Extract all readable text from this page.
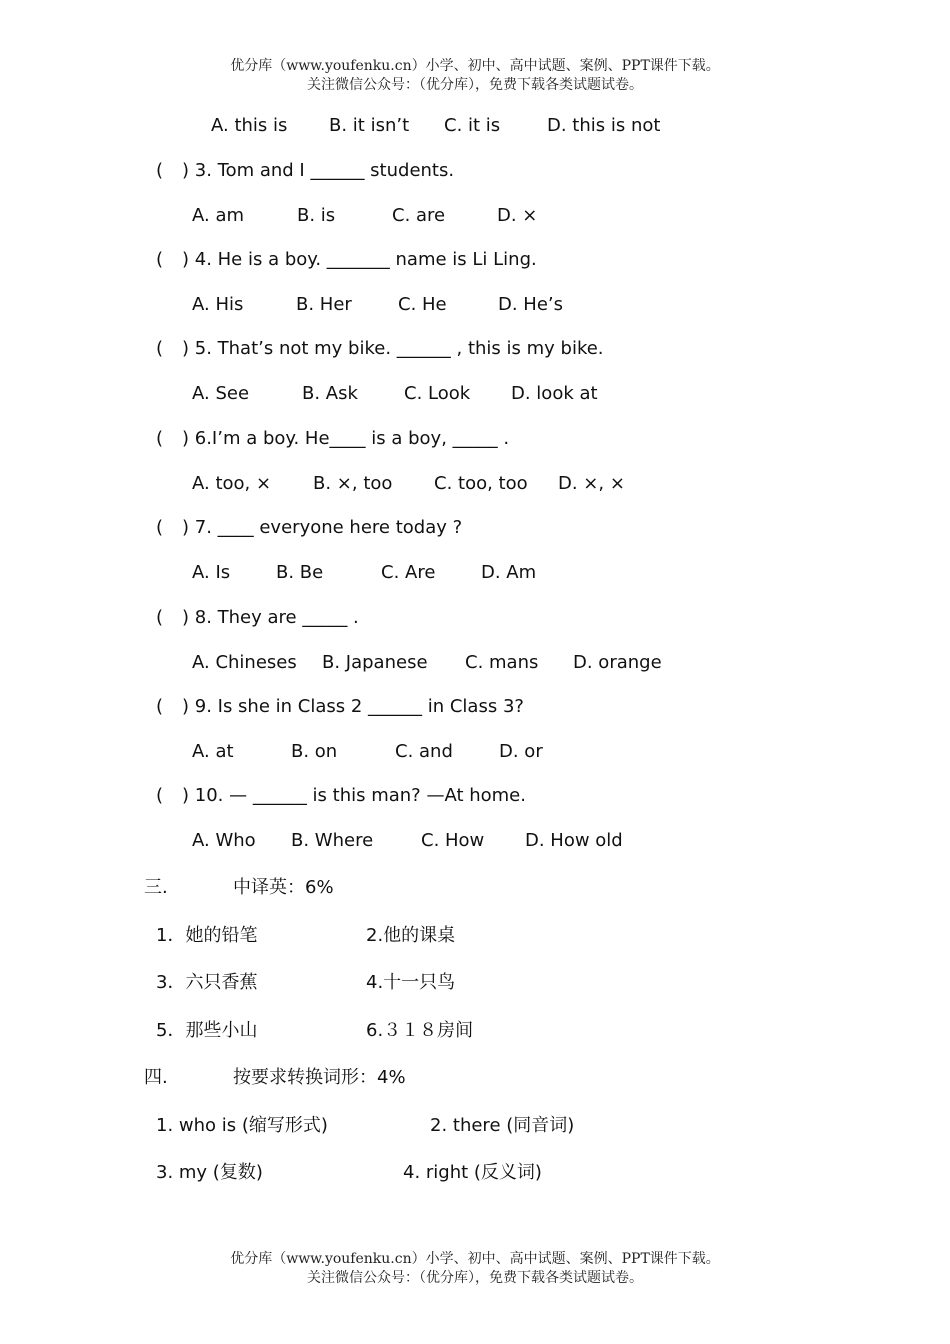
优分库（www.youfenku.cn）小学、初中、高中试题、案例、PPT课件下载。
关注微信公众号：（优分库），免费下载各类试题试卷。
A. this is B. it isn’t C. it is	D. this is not
( ) 3. Tom and I ______ students.
A. am	B. is	C. are	D. ×
( ) 4. He is a boy. _______ name is Li Ling.
A. His	B. Her	C. He	D. He’s
( ) 5. That’s not my bike. ______ , this is my bike.
A. See	B. Ask	C. Look D. look at
( ) 6.I’m a boy. He____ is a boy, _____ .
A. too, × B. ×, too C. too, too D. ×, ×
( ) 7. ____ everyone here today ?
A. Is	B. Be	C. Are	D. Am
( ) 8. They are _____ .
A. Chineses B. Japanese C. mans D. orange
( ) 9. Is she in Class 2 ______ in Class 3?
A. at	B. on	C. and	D. or
( ) 10. — ______ is this man? —At home.
A. Who B. Where	C. How D. How old
三.	中译英：6%
1．她的铅笔	2.他的课桌
3．六只香蕉	4.十一只鸟
5．那些小山	6.３１８房间
四.	按要求转换词形：4%
1. who is (缩写形式)	2. there (同音词)
3. my (复数)	4. right (反义词)
优分库（www.youfenku.cn）小学、初中、高中试题、案例、PPT课件下载。
关注微信公众号：（优分库），免费下载各类试题试卷。
